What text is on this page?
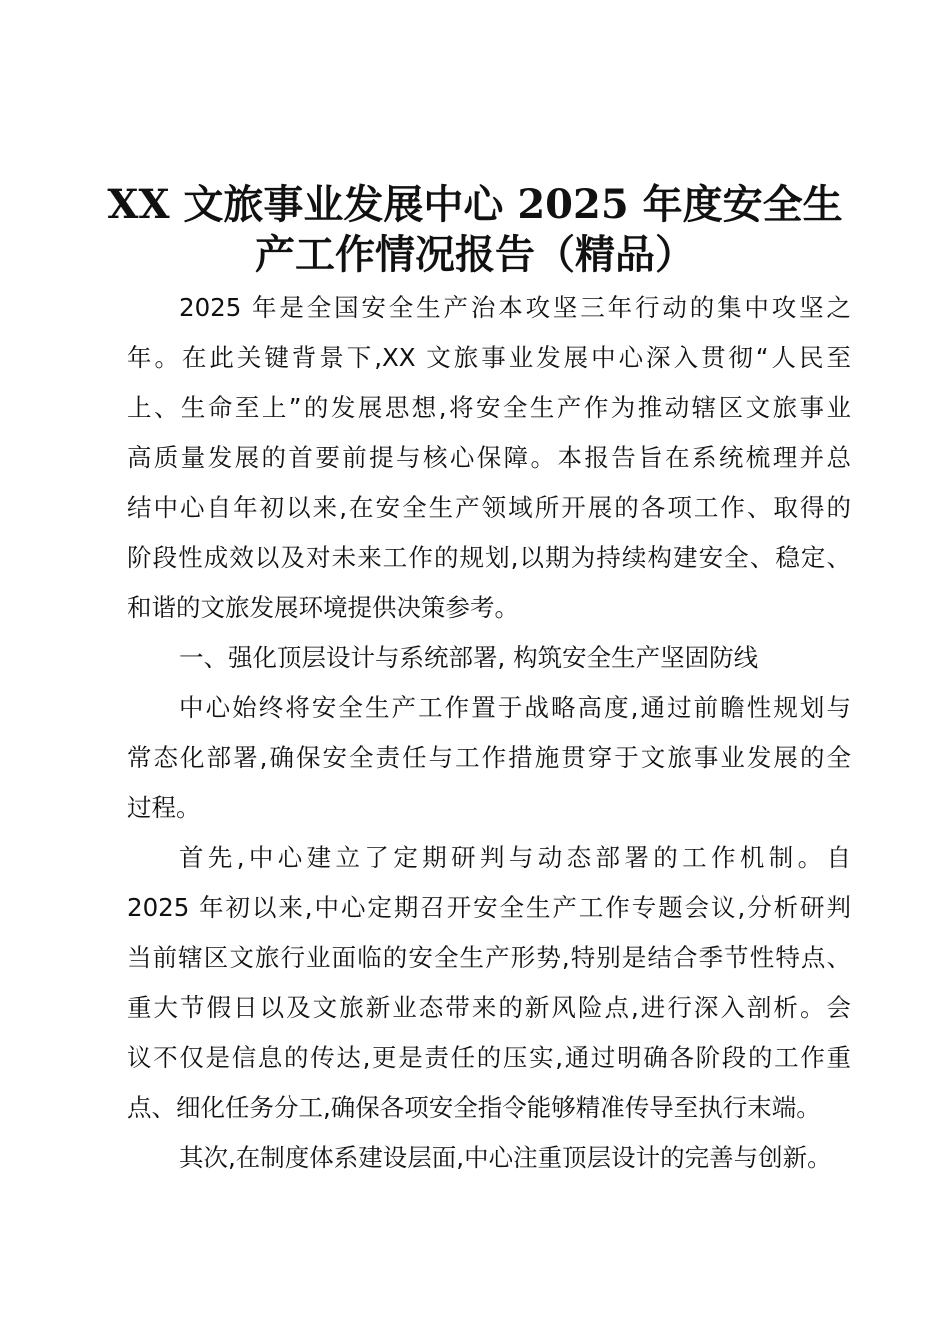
XX 文旅事业发展中心 2025 年度安全生
产工作情况报告（精品）
2025 年是全国安全生产治本攻坚三年行动的集中攻坚之
年。在此关键背景下,XX 文旅事业发展中心深入贯彻“人民至
上、生命至上”的发展思想,将安全生产作为推动辖区文旅事业
高质量发展的首要前提与核心保障。本报告旨在系统梳理并总
结中心自年初以来,在安全生产领域所开展的各项工作、取得的
阶段性成效以及对未来工作的规划,以期为持续构建安全、稳定、
和谐的文旅发展环境提供决策参考。
一、强化顶层设计与系统部署, 构筑安全生产坚固防线
中心始终将安全生产工作置于战略高度,通过前瞻性规划与
常态化部署,确保安全责任与工作措施贯穿于文旅事业发展的全
过程。
首先,中心建立了定期研判与动态部署的工作机制。自
2025 年初以来,中心定期召开安全生产工作专题会议,分析研判
当前辖区文旅行业面临的安全生产形势,特别是结合季节性特点、
重大节假日以及文旅新业态带来的新风险点,进行深入剖析。会
议不仅是信息的传达,更是责任的压实,通过明确各阶段的工作重
点、细化任务分工,确保各项安全指令能够精准传导至执行末端。
其次,在制度体系建设层面,中心注重顶层设计的完善与创新。
